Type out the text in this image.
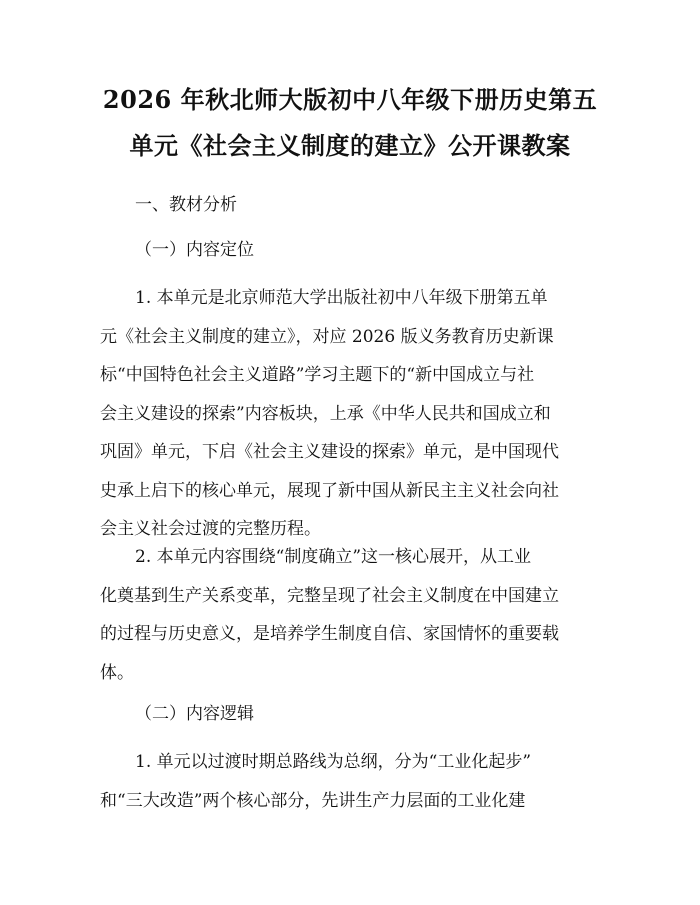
2026 年秋北师大版初中八年级下册历史第五
单元《社会主义制度的建立》公开课教案
一、教材分析
（一）内容定位
1. 本单元是北京师范大学出版社初中八年级下册第五单
元《社会主义制度的建立》，对应 2026 版义务教育历史新课
标“中国特色社会主义道路”学习主题下的“新中国成立与社
会主义建设的探索”内容板块，上承《中华人民共和国成立和
巩固》单元，下启《社会主义建设的探索》单元，是中国现代
史承上启下的核心单元，展现了新中国从新民主主义社会向社
会主义社会过渡的完整历程。
2. 本单元内容围绕“制度确立”这一核心展开，从工业
化奠基到生产关系变革，完整呈现了社会主义制度在中国建立
的过程与历史意义，是培养学生制度自信、家国情怀的重要载
体。
（二）内容逻辑
1. 单元以过渡时期总路线为总纲，分为“工业化起步”
和“三大改造”两个核心部分，先讲生产力层面的工业化建
